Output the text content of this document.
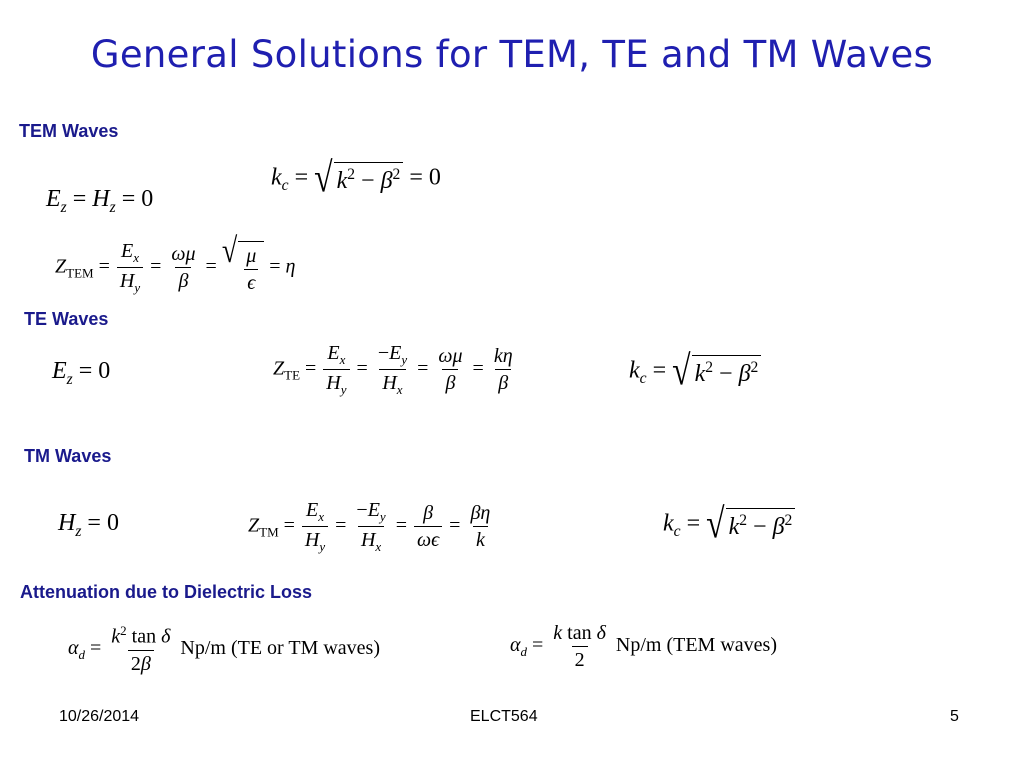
General Solutions for TEM, TE and TM Waves
TEM Waves
$E_z = H_z = 0$
$k_c$ = √ $k^2 - \beta^2 = 0$
$Z_{TEM} = \frac{E_x}{H_y} = \frac{\omega\mu}{\beta}$ = √ $\frac{\mu}{\epsilon} = \eta$
TE Waves
$E_z = 0$	$Z_{TE} = \frac{E_x}{H_y} = \frac{-E_y}{H_x} = \frac{\omega\mu}{\beta} = \frac{k\eta}{\beta}$	$k_c$ = √ $k^2 - \beta^2$
TM Waves
$H_z = 0$	$Z_{TM} = \frac{E_x}{H_y} = \frac{-E_y}{H_x} = \frac{\beta}{\omega\epsilon} = \frac{\beta\eta}{k}$	$k_c$ = √ $k^2 - \beta^2$
Attenuation due to Dielectric Loss
$\alpha_d = \frac{k^2 \tan \delta}{2\beta} Np/m$ (TE or TM waves)	$\alpha_d = \frac{\text{k tan δ}}{2} Np/m$ (TEM waves)
10/26/2014	ELCT564	5
